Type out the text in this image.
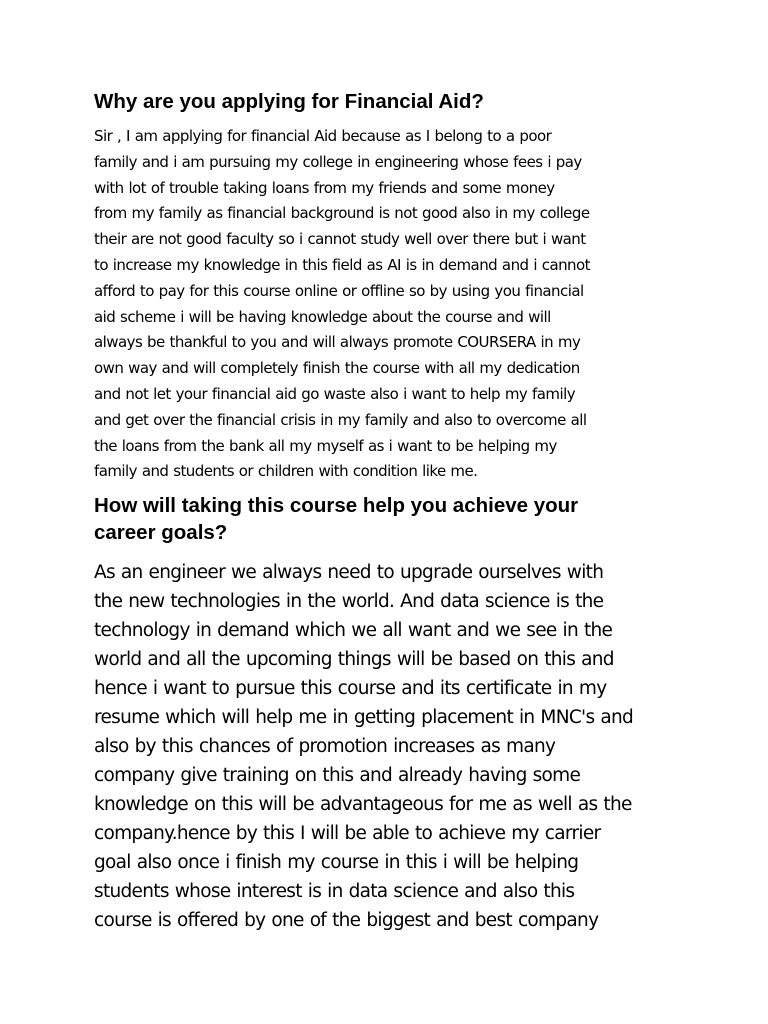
Why are you applying for Financial Aid?
Sir , I am applying for financial Aid because as I belong to a poor
family and i am pursuing my college in engineering whose fees i pay
with lot of trouble taking loans from my friends and some money
from my family as financial background is not good also in my college
their are not good faculty so i cannot study well over there but i want
to increase my knowledge in this field as AI is in demand and i cannot
afford to pay for this course online or offline so by using you financial
aid scheme i will be having knowledge about the course and will
always be thankful to you and will always promote COURSERA in my
own way and will completely finish the course with all my dedication
and not let your financial aid go waste also i want to help my family
and get over the financial crisis in my family and also to overcome all
the loans from the bank all my myself as i want to be helping my
family and students or children with condition like me.
How will taking this course help you achieve your
career goals?
As an engineer we always need to upgrade ourselves with
the new technologies in the world. And data science is the
technology in demand which we all want and we see in the
world and all the upcoming things will be based on this and
hence i want to pursue this course and its certificate in my
resume which will help me in getting placement in MNC's and
also by this chances of promotion increases as many
company give training on this and already having some
knowledge on this will be advantageous for me as well as the
company.hence by this I will be able to achieve my carrier
goal also once i finish my course in this i will be helping
students whose interest is in data science and also this
course is offered by one of the biggest and best company
